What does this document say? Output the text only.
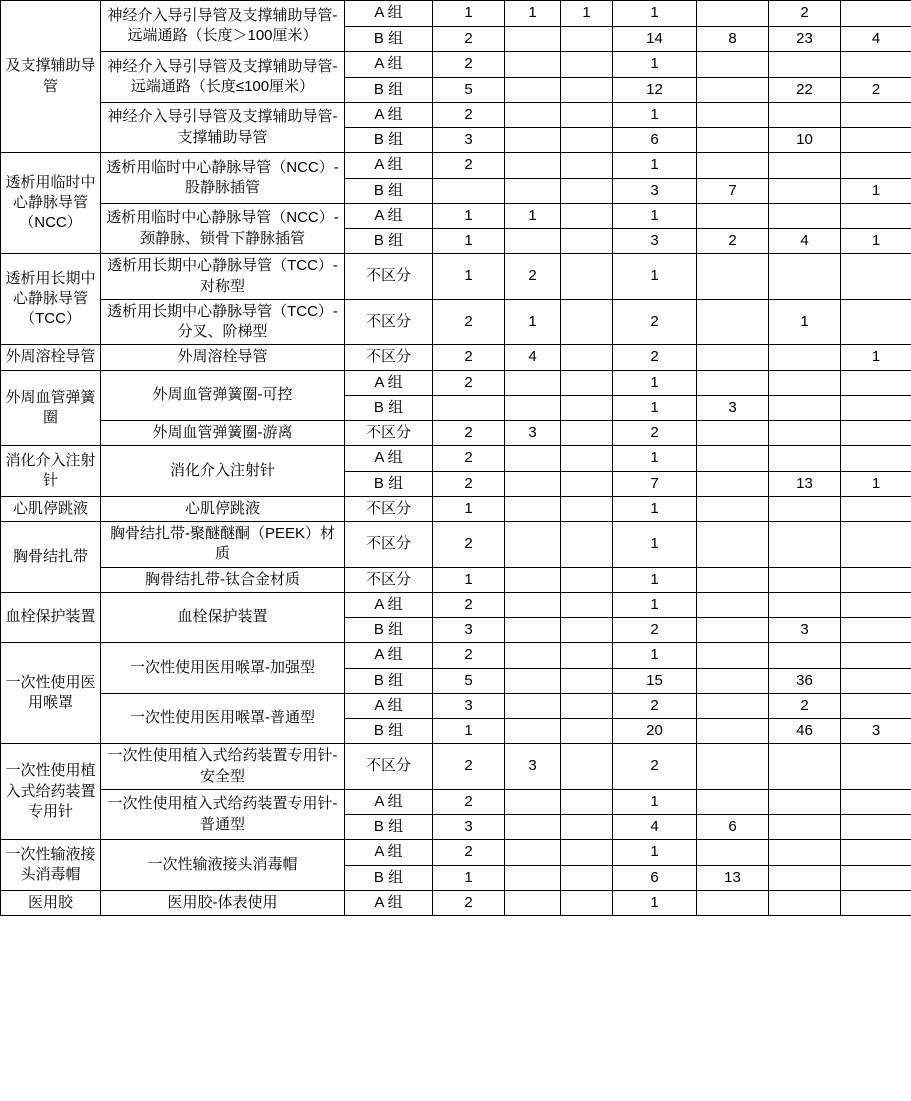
及支撑辅助导管	神经介入导引导管及支撑辅助导管-远端通路（长度＞100厘米）	A 组	1	1	1	1		2	
		B 组	2			14	8	23	4
	神经介入导引导管及支撑辅助导管-远端通路（长度≤100厘米）	A 组	2			1			
		B 组	5			12		22	2
	神经介入导引导管及支撑辅助导管-支撑辅助导管	A 组	2			1			
		B 组	3			6		10	
透析用临时中心静脉导管（NCC）	透析用临时中心静脉导管（NCC）-股静脉插管	A 组	2			1			
		B 组				3	7		1
	透析用临时中心静脉导管（NCC）-颈静脉、锁骨下静脉插管	A 组	1	1		1			
		B 组	1			3	2	4	1
透析用长期中心静脉导管（TCC）	透析用长期中心静脉导管（TCC）-对称型	不区分	1	2		1			
	透析用长期中心静脉导管（TCC）-分叉、阶梯型	不区分	2	1		2		1	
外周溶栓导管	外周溶栓导管	不区分	2	4		2			1
外周血管弹簧圈	外周血管弹簧圈-可控	A 组	2			1			
		B 组				1	3		
	外周血管弹簧圈-游离	不区分	2	3		2			
消化介入注射针	消化介入注射针	A 组	2			1			
		B 组	2			7		13	1
心肌停跳液	心肌停跳液	不区分	1			1			
胸骨结扎带	胸骨结扎带-聚醚醚酮（PEEK）材质	不区分	2			1			
	胸骨结扎带-钛合金材质	不区分	1			1			
血栓保护装置	血栓保护装置	A 组	2			1			
		B 组	3			2		3	
一次性使用医用喉罩	一次性使用医用喉罩-加强型	A 组	2			1			
		B 组	5			15		36	
	一次性使用医用喉罩-普通型	A 组	3			2		2	
		B 组	1			20		46	3
一次性使用植入式给药装置专用针	一次性使用植入式给药装置专用针-安全型	不区分	2	3		2			
	一次性使用植入式给药装置专用针-普通型	A 组	2			1			
		B 组	3			4	6		
一次性输液接头消毒帽	一次性输液接头消毒帽	A 组	2			1			
		B 组	1			6	13		
医用胶	医用胶-体表使用	A 组	2			1			
